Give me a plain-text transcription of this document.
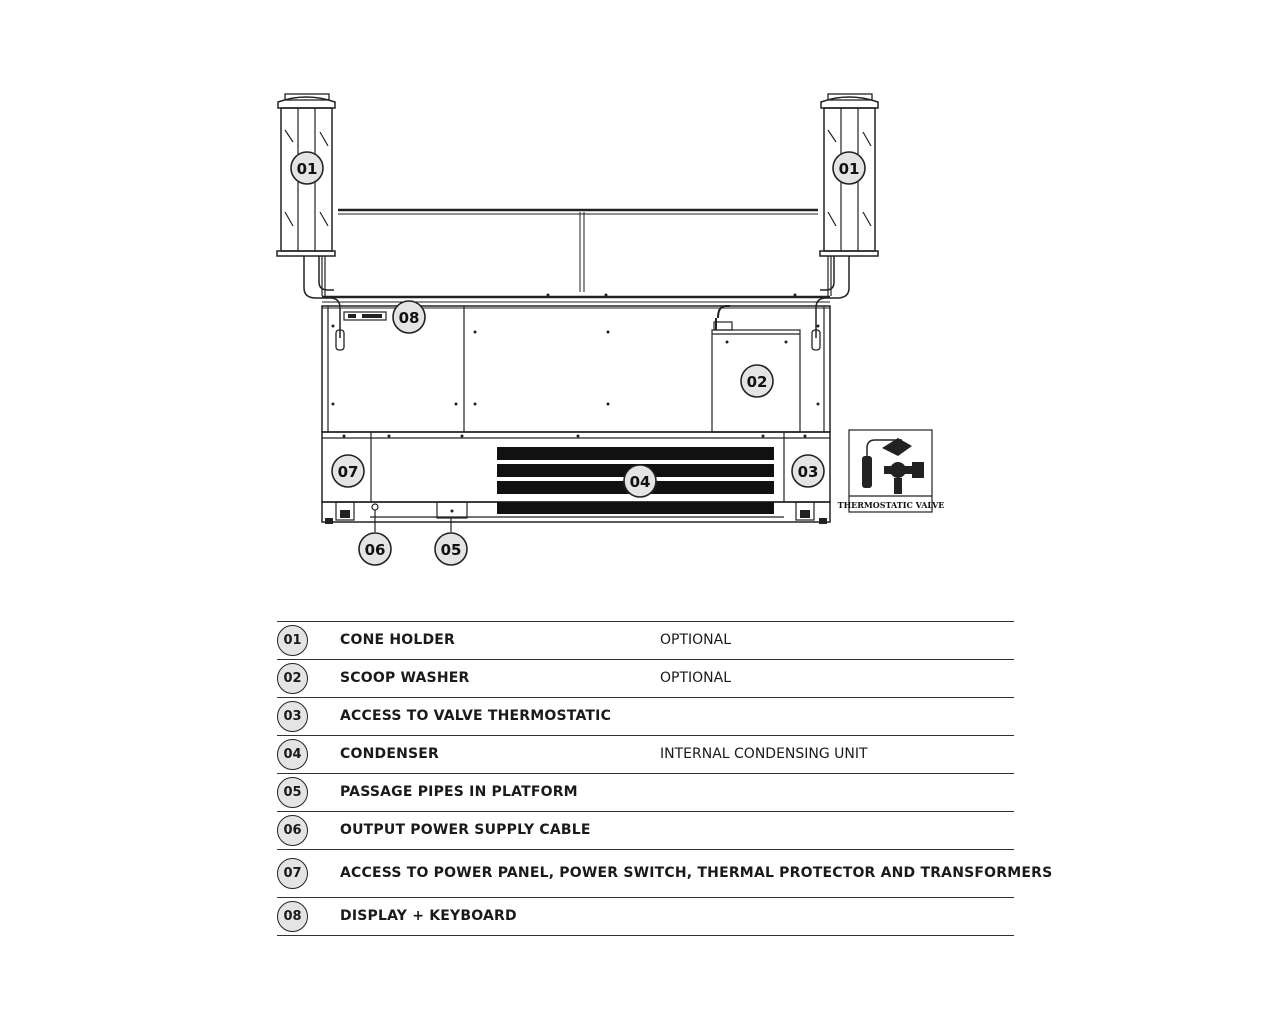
THERMOSTATIC VALVE
01	01
08
02
07
04
03
06	05
01	CONE HOLDER	OPTIONAL
02	SCOOP WASHER	OPTIONAL
03	ACCESS TO VALVE THERMOSTATIC
04	CONDENSER	INTERNAL CONDENSING UNIT
05	PASSAGE PIPES IN PLATFORM
06	OUTPUT POWER SUPPLY CABLE
07	ACCESS TO POWER PANEL, POWER SWITCH, THERMAL PROTECTOR AND TRANSFORMERS
08	DISPLAY + KEYBOARD
